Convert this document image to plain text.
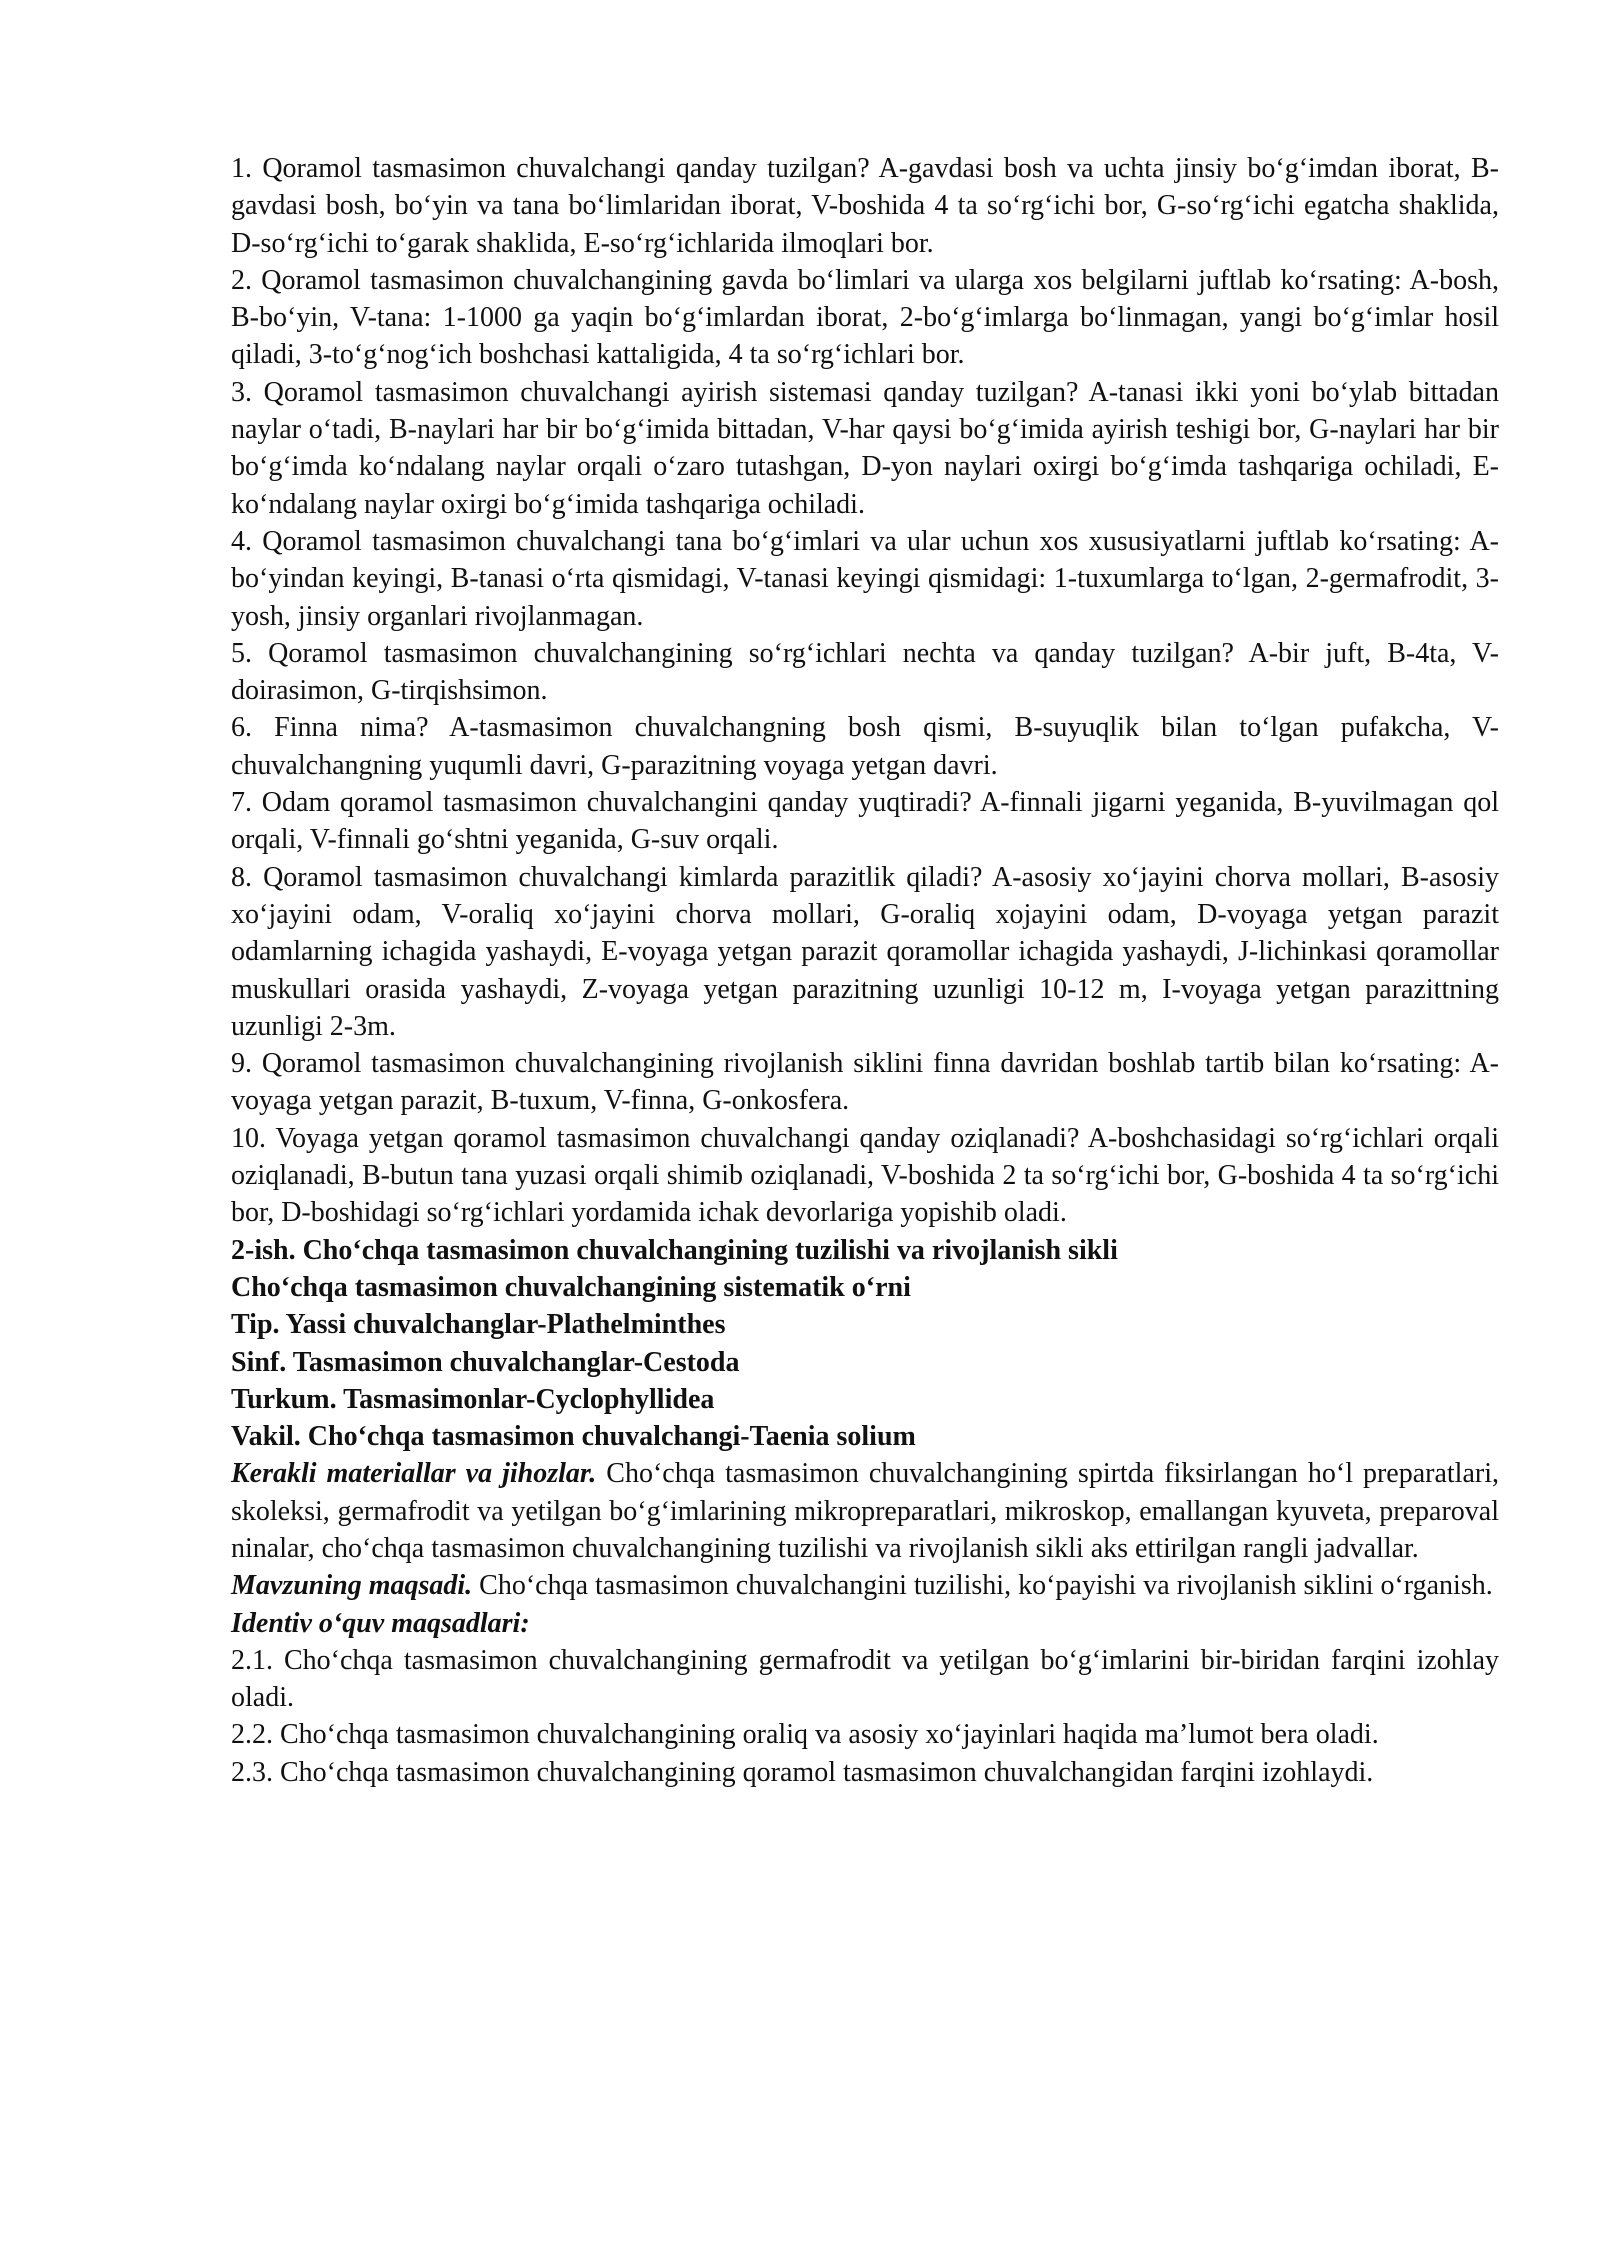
1. Qoramol tasmasimon chuvalchangi qanday tuzilgan? A-gavdasi bosh va uchta jinsiy bo‘g‘imdan iborat, B-gavdasi bosh, bo‘yin va tana bo‘limlaridan iborat, V-boshida 4 ta so‘rg‘ichi bor, G-so‘rg‘ichi egatcha shaklida, D-so‘rg‘ichi to‘garak shaklida, E-so‘rg‘ichlarida ilmoqlari bor.

2. Qoramol tasmasimon chuvalchangining gavda bo‘limlari va ularga xos belgilarni juftlab ko‘rsating: A-bosh, B-bo‘yin, V-tana: 1-1000 ga yaqin bo‘g‘imlardan iborat, 2-bo‘g‘imlarga bo‘linmagan, yangi bo‘g‘imlar hosil qiladi, 3-to‘g‘nog‘ich boshchasi kattaligida, 4 ta so‘rg‘ichlari bor.

3. Qoramol tasmasimon chuvalchangi ayirish sistemasi qanday tuzilgan? A-tanasi ikki yoni bo‘ylab bittadan naylar o‘tadi, B-naylari har bir bo‘g‘imida bittadan, V-har qaysi bo‘g‘imida ayirish teshigi bor, G-naylari har bir bo‘g‘imda ko‘ndalang naylar orqali o‘zaro tutashgan, D-yon naylari oxirgi bo‘g‘imda tashqariga ochiladi, E-ko‘ndalang naylar oxirgi bo‘g‘imida tashqariga ochiladi.

4. Qoramol tasmasimon chuvalchangi tana bo‘g‘imlari va ular uchun xos xususiyatlarni juftlab ko‘rsating: A-bo‘yindan keyingi, B-tanasi o‘rta qismidagi, V-tanasi keyingi qismidagi: 1-tuxumlarga to‘lgan, 2-germafrodit, 3-yosh, jinsiy organlari rivojlanmagan.

5. Qoramol tasmasimon chuvalchangining so‘rg‘ichlari nechta va qanday tuzilgan? A-bir juft, B-4ta, V-doirasimon, G-tirqishsimon.

6. Finna nima? A-tasmasimon chuvalchangning bosh qismi, B-suyuqlik bilan to‘lgan pufakcha, V-chuvalchangning yuqumli davri, G-parazitning voyaga yetgan davri.

7. Odam qoramol tasmasimon chuvalchangini qanday yuqtiradi? A-finnali jigarni yeganida, B-yuvilmagan qol orqali, V-finnali go‘shtni yeganida, G-suv orqali.

8. Qoramol tasmasimon chuvalchangi kimlarda parazitlik qiladi? A-asosiy xo‘jayini chorva mollari, B-asosiy xo‘jayini odam, V-oraliq xo‘jayini chorva mollari, G-oraliq xojayini odam, D-voyaga yetgan parazit odamlarning ichagida yashaydi, E-voyaga yetgan parazit qoramollar ichagida yashaydi, J-lichinkasi qoramollar muskullari orasida yashaydi, Z-voyaga yetgan parazitning uzunligi 10-12 m, I-voyaga yetgan parazittning uzunligi 2-3m.

9. Qoramol tasmasimon chuvalchangining rivojlanish siklini finna davridan boshlab tartib bilan ko‘rsating: A-voyaga yetgan parazit, B-tuxum, V-finna, G-onkosfera.

10. Voyaga yetgan qoramol tasmasimon chuvalchangi qanday oziqlanadi? A-boshchasidagi so‘rg‘ichlari orqali oziqlanadi, B-butun tana yuzasi orqali shimib oziqlanadi, V-boshida 2 ta so‘rg‘ichi bor, G-boshida 4 ta so‘rg‘ichi bor, D-boshidagi so‘rg‘ichlari yordamida ichak devorlariga yopishib oladi.

2-ish. Cho‘chqa tasmasimon chuvalchangining tuzilishi va rivojlanish sikli

Cho‘chqa tasmasimon chuvalchangining sistematik o‘rni

Tip. Yassi chuvalchanglar-Plathelminthes

Sinf. Tasmasimon chuvalchanglar-Cestoda

Turkum. Tasmasimonlar-Cyclophyllidea

Vakil. Cho‘chqa tasmasimon chuvalchangi-Taenia solium

Kerakli materiallar va jihozlar. Cho‘chqa tasmasimon chuvalchangining spirtda fiksirlangan ho‘l preparatlari, skoleksi, germafrodit va yetilgan bo‘g‘imlarining mikropreparatlari, mikroskop, emallangan kyuveta, preparoval ninalar, cho‘chqa tasmasimon chuvalchangining tuzilishi va rivojlanish sikli aks ettirilgan rangli jadvallar.

Mavzuning maqsadi. Cho‘chqa tasmasimon chuvalchangini tuzilishi, ko‘payishi va rivojlanish siklini o‘rganish.

Identiv o‘quv maqsadlari:

2.1. Cho‘chqa tasmasimon chuvalchangining germafrodit va yetilgan bo‘g‘imlarini bir-biridan farqini izohlay oladi.

2.2. Cho‘chqa tasmasimon chuvalchangining oraliq va asosiy xo‘jayinlari haqida ma’lumot bera oladi.

2.3. Cho‘chqa tasmasimon chuvalchangining qoramol tasmasimon chuvalchangidan farqini izohlaydi.
